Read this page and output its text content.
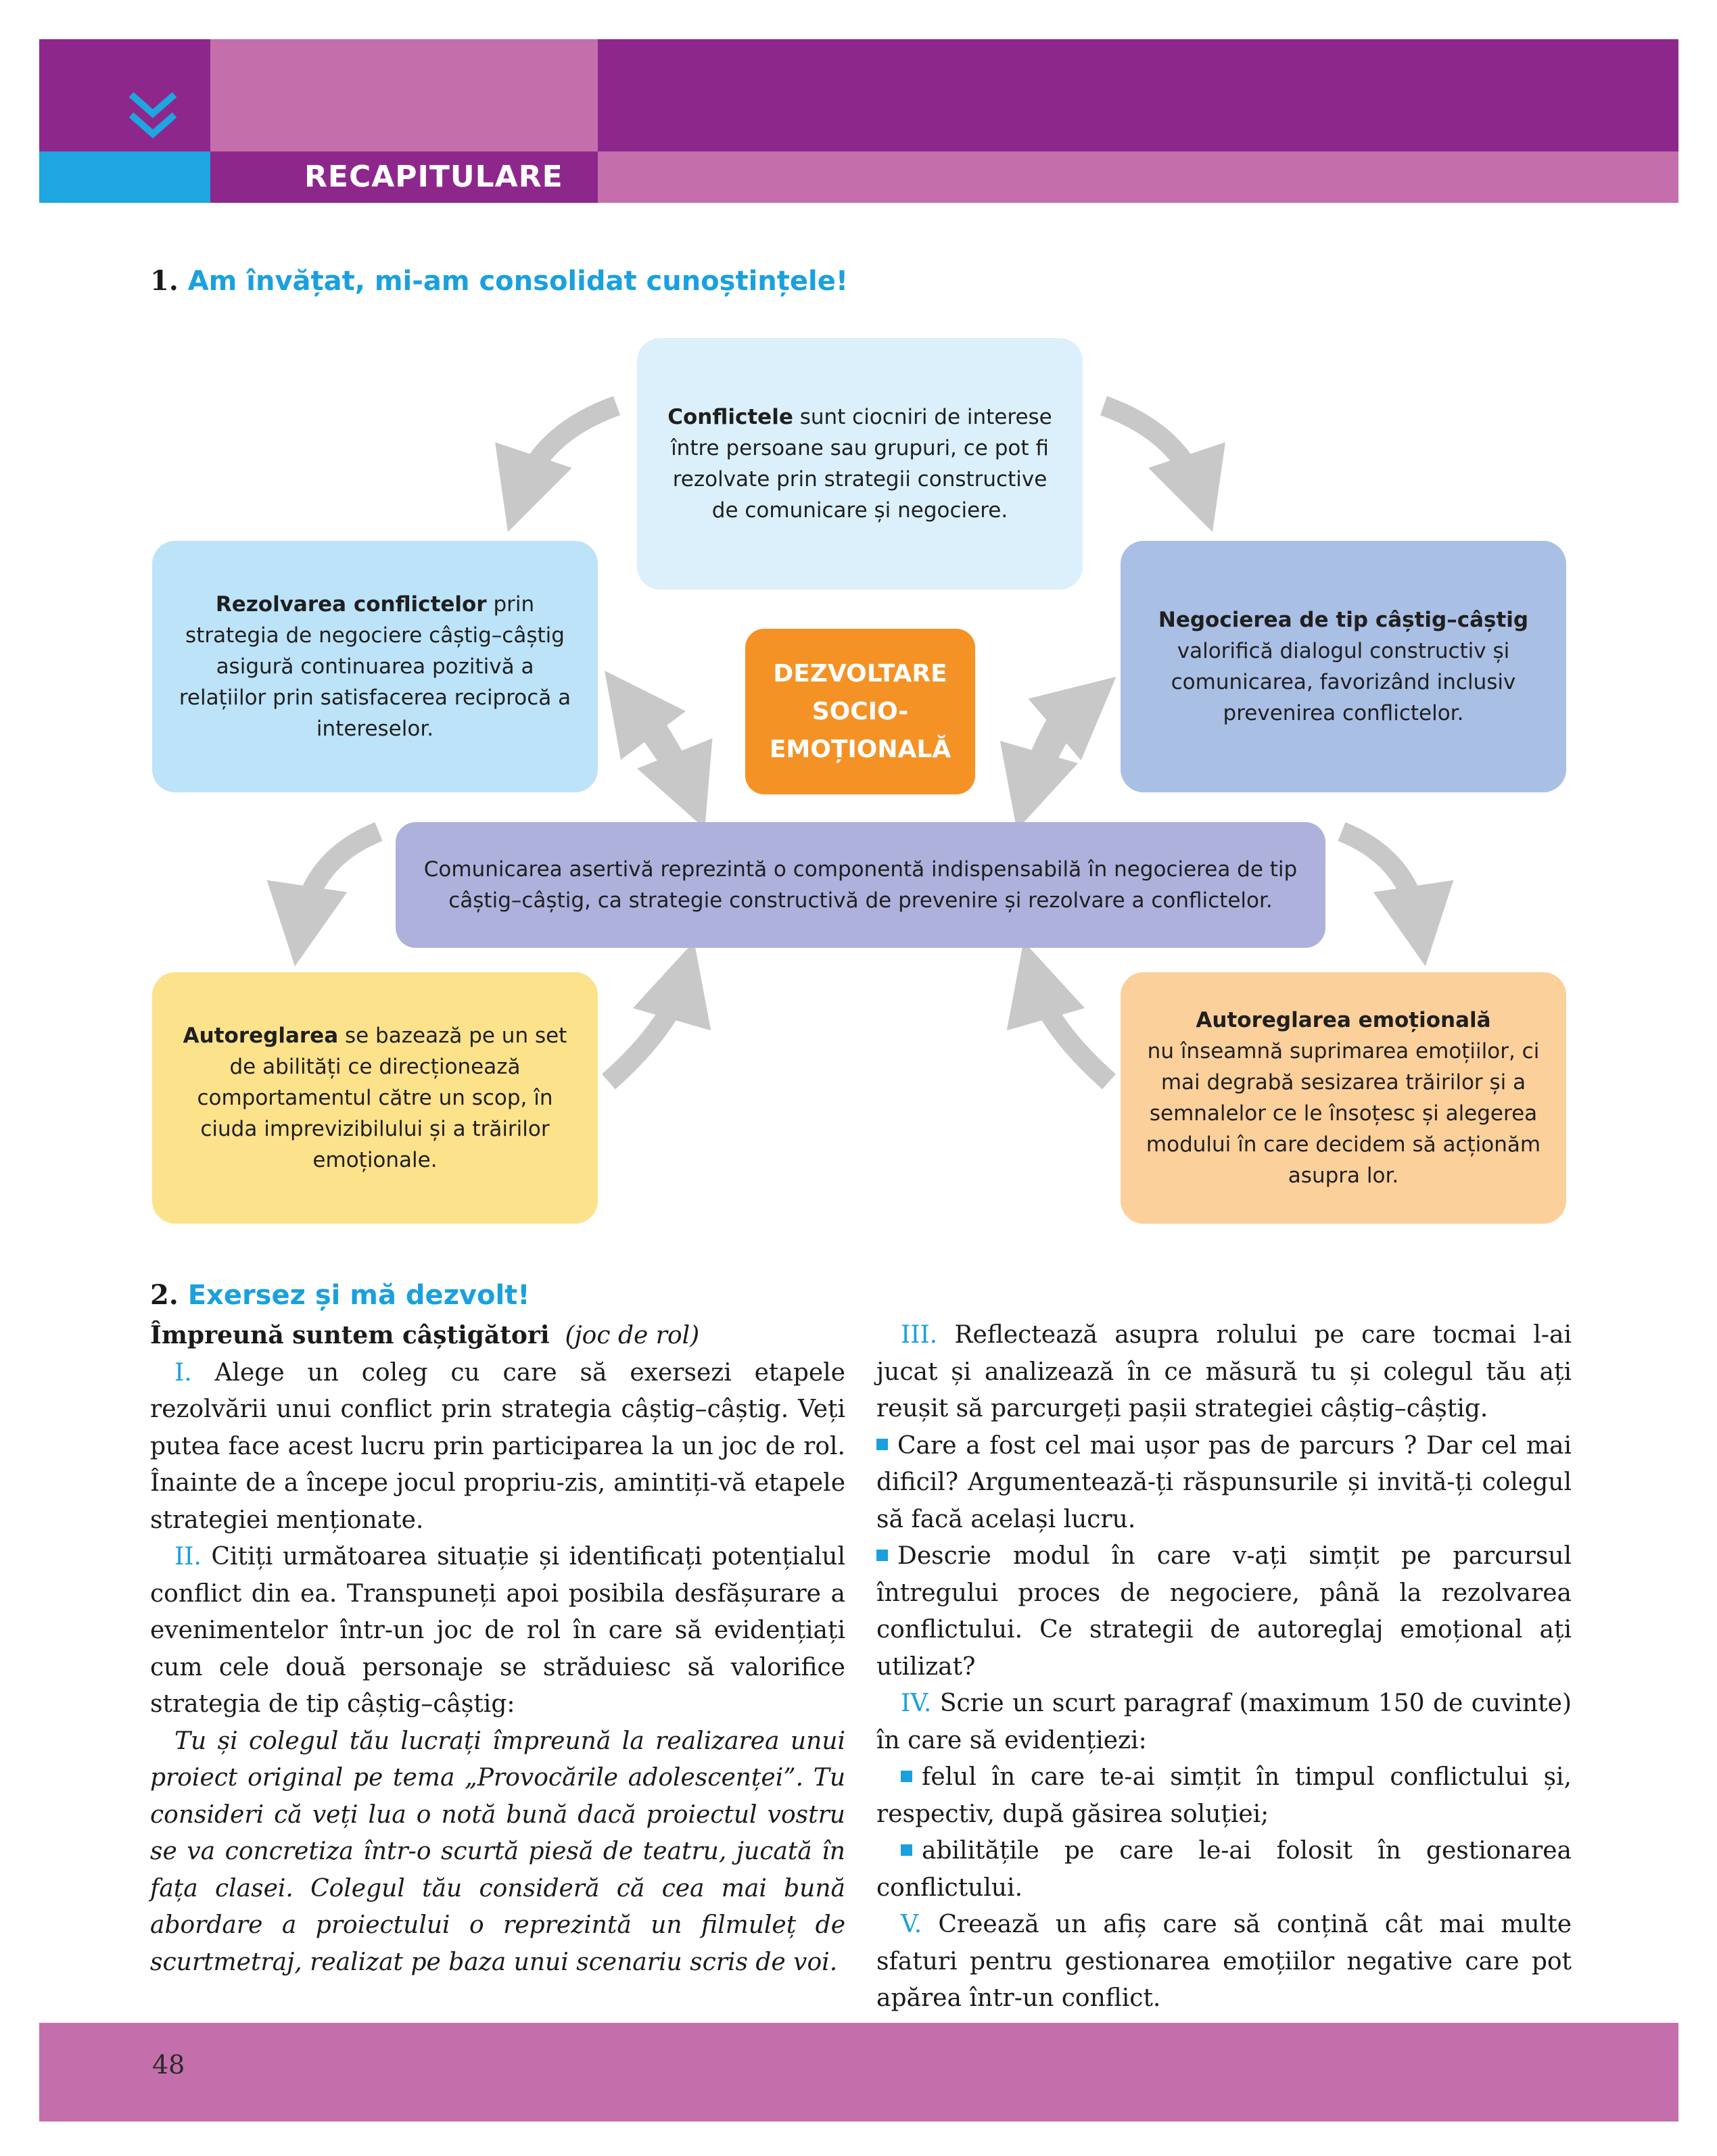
RECAPITULARE
1. Am învățat, mi-am consolidat cunoștințele!
Conflictele sunt ciocniri de interese între persoane sau grupuri, ce pot fi rezolvate prin strategii constructive de comunicare și negociere.
Rezolvarea conflictelor prin strategia de negociere câștig–câștig asigură continuarea pozitivă a relațiilor prin satisfacerea reciprocă a intereselor.
Negocierea de tip câștig–câștig valorifică dialogul constructiv și comunicarea, favorizând inclusiv prevenirea conflictelor.
DEZVOLTARE SOCIO-EMOȚIONALĂ
Comunicarea asertivă reprezintă o componentă indispensabilă în negocierea de tip câștig–câștig, ca strategie constructivă de prevenire și rezolvare a conflictelor.
Autoreglarea se bazează pe un set de abilități ce direcționează comportamentul către un scop, în ciuda imprevizibilului și a trăirilor emoționale.
Autoreglarea emoțională
nu înseamnă suprimarea emoțiilor, ci mai degrabă sesizarea trăirilor și a semnalelor ce le însoțesc și alegerea modului în care decidem să acționăm asupra lor.
2. Exersez și mă dezvolt!

Împreună suntem câștigători (joc de rol)

I. Alege un coleg cu care să exersezi etapele rezolvării unui conflict prin strategia câștig–câștig. Veți putea face acest lucru prin participarea la un joc de rol. Înainte de a începe jocul propriu-zis, amintiți-vă etapele strategiei menționate.

II. Citiți următoarea situație și identificați potențialul conflict din ea. Transpuneți apoi posibila desfășurare a evenimentelor într-un joc de rol în care să evidențiați cum cele două personaje se străduiesc să valorifice strategia de tip câștig–câștig:

Tu și colegul tău lucrați împreună la realizarea unui proiect original pe tema „Provocările adolescenței”. Tu consideri că veți lua o notă bună dacă proiectul vostru se va concretiza într-o scurtă piesă de teatru, jucată în fața clasei. Colegul tău consideră că cea mai bună abordare a proiectului o reprezintă un filmuleț de scurtmetraj, realizat pe baza unui scenariu scris de voi.

III. Reflectează asupra rolului pe care tocmai l-ai jucat și analizează în ce măsură tu și colegul tău ați reușit să parcurgeți pașii strategiei câștig–câștig.

Care a fost cel mai ușor pas de parcurs ? Dar cel mai dificil? Argumentează-ți răspunsurile și invită-ți colegul să facă același lucru.

Descrie modul în care v-ați simțit pe parcursul întregului proces de negociere, până la rezolvarea conflictului. Ce strategii de autoreglaj emoțional ați utilizat?

IV. Scrie un scurt paragraf (maximum 150 de cuvinte) în care să evidențiezi:

felul în care te-ai simțit în timpul conflictului și, respectiv, după găsirea soluției;

abilitățile pe care le-ai folosit în gestionarea conflictului.

V. Creează un afiș care să conțină cât mai multe sfaturi pentru gestionarea emoțiilor negative care pot apărea într-un conflict.

48
